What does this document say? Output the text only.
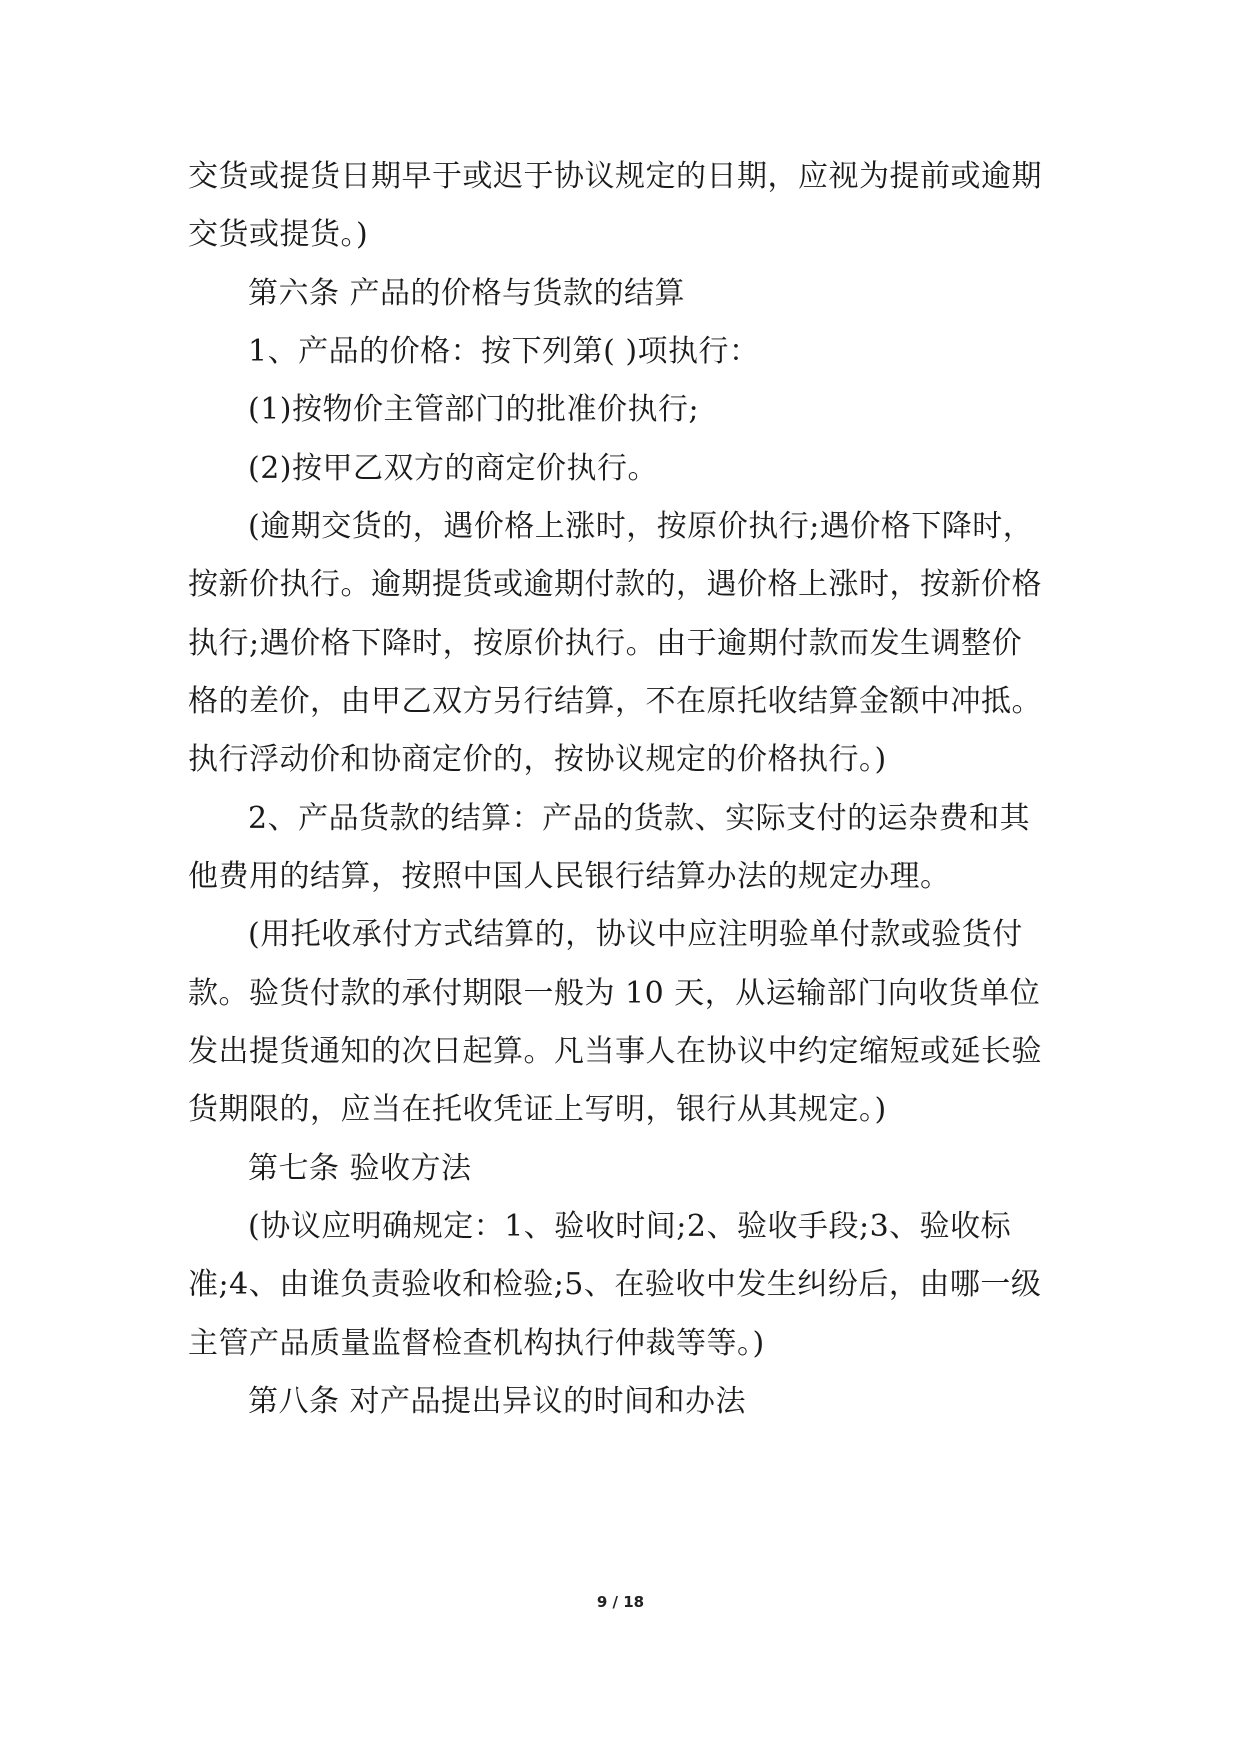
交货或提货日期早于或迟于协议规定的日期，应视为提前或逾期
交货或提货。)
第六条 产品的价格与货款的结算
1、产品的价格：按下列第( )项执行：
(1)按物价主管部门的批准价执行;
(2)按甲乙双方的商定价执行。
(逾期交货的，遇价格上涨时，按原价执行;遇价格下降时，
按新价执行。逾期提货或逾期付款的，遇价格上涨时，按新价格
执行;遇价格下降时，按原价执行。由于逾期付款而发生调整价
格的差价，由甲乙双方另行结算，不在原托收结算金额中冲抵。
执行浮动价和协商定价的，按协议规定的价格执行。)
2、产品货款的结算：产品的货款、实际支付的运杂费和其
他费用的结算，按照中国人民银行结算办法的规定办理。
(用托收承付方式结算的，协议中应注明验单付款或验货付
款。验货付款的承付期限一般为 10 天，从运输部门向收货单位
发出提货通知的次日起算。凡当事人在协议中约定缩短或延长验
货期限的，应当在托收凭证上写明，银行从其规定。)
第七条 验收方法
(协议应明确规定：1、验收时间;2、验收手段;3、验收标
准;4、由谁负责验收和检验;5、在验收中发生纠纷后，由哪一级
主管产品质量监督检查机构执行仲裁等等。)
第八条 对产品提出异议的时间和办法
9 / 18
